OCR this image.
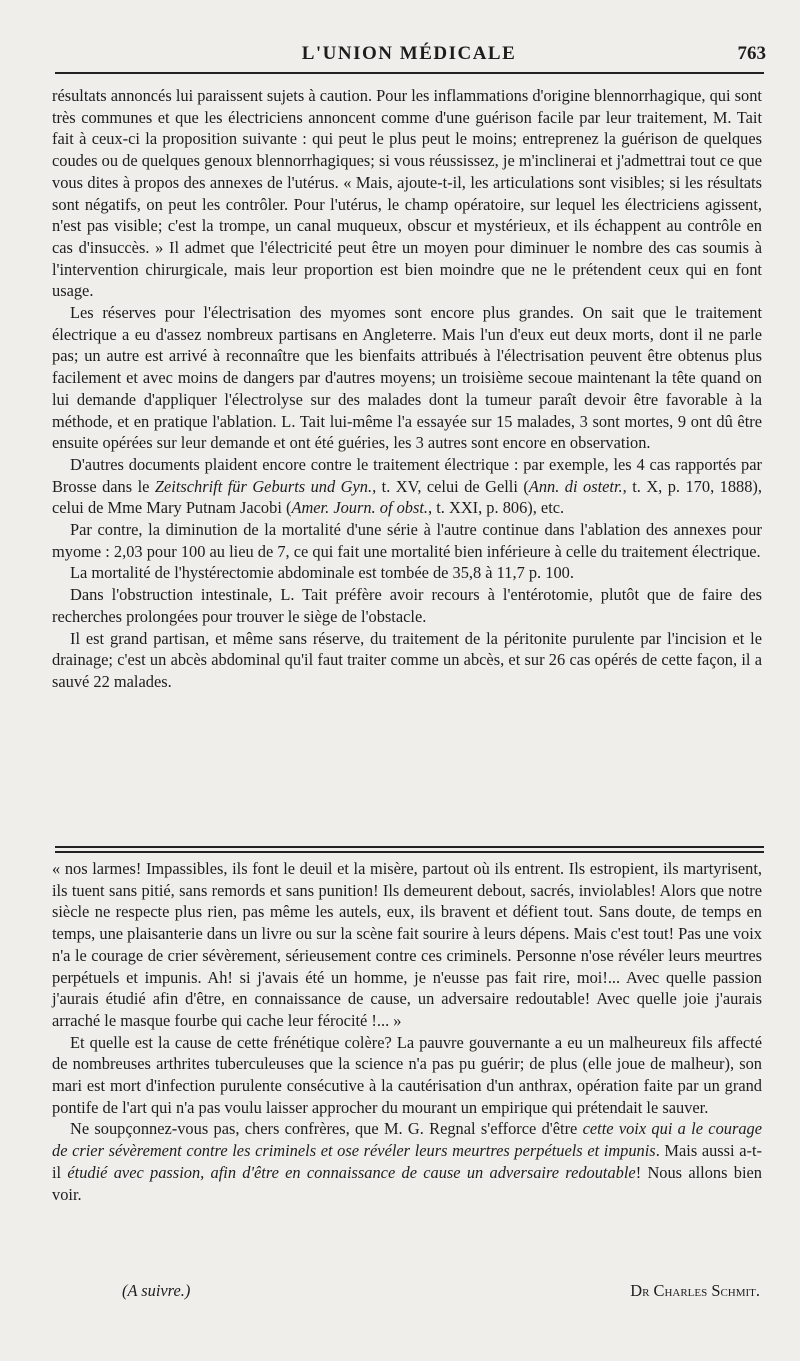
L'UNION MÉDICALE	763

résultats annoncés lui paraissent sujets à caution. Pour les inflammations d'origine blennorrhagique, qui sont très communes et que les électriciens annoncent comme d'une guérison facile par leur traitement, M. Tait fait à ceux-ci la proposition suivante : qui peut le plus peut le moins; entreprenez la guérison de quelques coudes ou de quelques genoux blennorrhagiques; si vous réussissez, je m'inclinerai et j'admettrai tout ce que vous dites à propos des annexes de l'utérus. « Mais, ajoute-t-il, les articulations sont visibles; si les résultats sont négatifs, on peut les contrôler. Pour l'utérus, le champ opératoire, sur lequel les électriciens agissent, n'est pas visible; c'est la trompe, un canal muqueux, obscur et mystérieux, et ils échappent au contrôle en cas d'insuccès. » Il admet que l'électricité peut être un moyen pour diminuer le nombre des cas soumis à l'intervention chirurgicale, mais leur proportion est bien moindre que ne le prétendent ceux qui en font usage.

Les réserves pour l'électrisation des myomes sont encore plus grandes. On sait que le traitement électrique a eu d'assez nombreux partisans en Angleterre. Mais l'un d'eux eut deux morts, dont il ne parle pas; un autre est arrivé à reconnaître que les bienfaits attribués à l'électrisation peuvent être obtenus plus facilement et avec moins de dangers par d'autres moyens; un troisième secoue maintenant la tête quand on lui demande d'appliquer l'électrolyse sur des malades dont la tumeur paraît devoir être favorable à la méthode, et en pratique l'ablation. L. Tait lui-même l'a essayée sur 15 malades, 3 sont mortes, 9 ont dû être ensuite opérées sur leur demande et ont été guéries, les 3 autres sont encore en observation.

D'autres documents plaident encore contre le traitement électrique : par exemple, les 4 cas rapportés par Brosse dans le Zeitschrift für Geburts und Gyn., t. XV, celui de Gelli (Ann. di ostetr., t. X, p. 170, 1888), celui de Mme Mary Putnam Jacobi (Amer. Journ. of obst., t. XXI, p. 806), etc.

Par contre, la diminution de la mortalité d'une série à l'autre continue dans l'ablation des annexes pour myome : 2,03 pour 100 au lieu de 7, ce qui fait une mortalité bien inférieure à celle du traitement électrique.

La mortalité de l'hystérectomie abdominale est tombée de 35,8 à 11,7 p. 100.

Dans l'obstruction intestinale, L. Tait préfère avoir recours à l'entérotomie, plutôt que de faire des recherches prolongées pour trouver le siège de l'obstacle.

Il est grand partisan, et même sans réserve, du traitement de la péritonite purulente par l'incision et le drainage; c'est un abcès abdominal qu'il faut traiter comme un abcès, et sur 26 cas opérés de cette façon, il a sauvé 22 malades.

« nos larmes! Impassibles, ils font le deuil et la misère, partout où ils entrent. Ils estropient, ils martyrisent, ils tuent sans pitié, sans remords et sans punition! Ils demeurent debout, sacrés, inviolables! Alors que notre siècle ne respecte plus rien, pas même les autels, eux, ils bravent et défient tout. Sans doute, de temps en temps, une plaisanterie dans un livre ou sur la scène fait sourire à leurs dépens. Mais c'est tout! Pas une voix n'a le courage de crier sévèrement, sérieusement contre ces criminels. Personne n'ose révéler leurs meurtres perpétuels et impunis. Ah! si j'avais été un homme, je n'eusse pas fait rire, moi!... Avec quelle passion j'aurais étudié afin d'être, en connaissance de cause, un adversaire redoutable! Avec quelle joie j'aurais arraché le masque fourbe qui cache leur férocité !... »

Et quelle est la cause de cette frénétique colère? La pauvre gouvernante a eu un malheureux fils affecté de nombreuses arthrites tuberculeuses que la science n'a pas pu guérir; de plus (elle joue de malheur), son mari est mort d'infection purulente consécutive à la cautérisation d'un anthrax, opération faite par un grand pontife de l'art qui n'a pas voulu laisser approcher du mourant un empirique qui prétendait le sauver.

Ne soupçonnez-vous pas, chers confrères, que M. G. Regnal s'efforce d'être cette voix qui a le courage de crier sévèrement contre les criminels et ose révéler leurs meurtres perpétuels et impunis. Mais aussi a-t-il étudié avec passion, afin d'être en connaissance de cause un adversaire redoutable! Nous allons bien voir.

(A suivre.)	Dr Charles Schmit.
